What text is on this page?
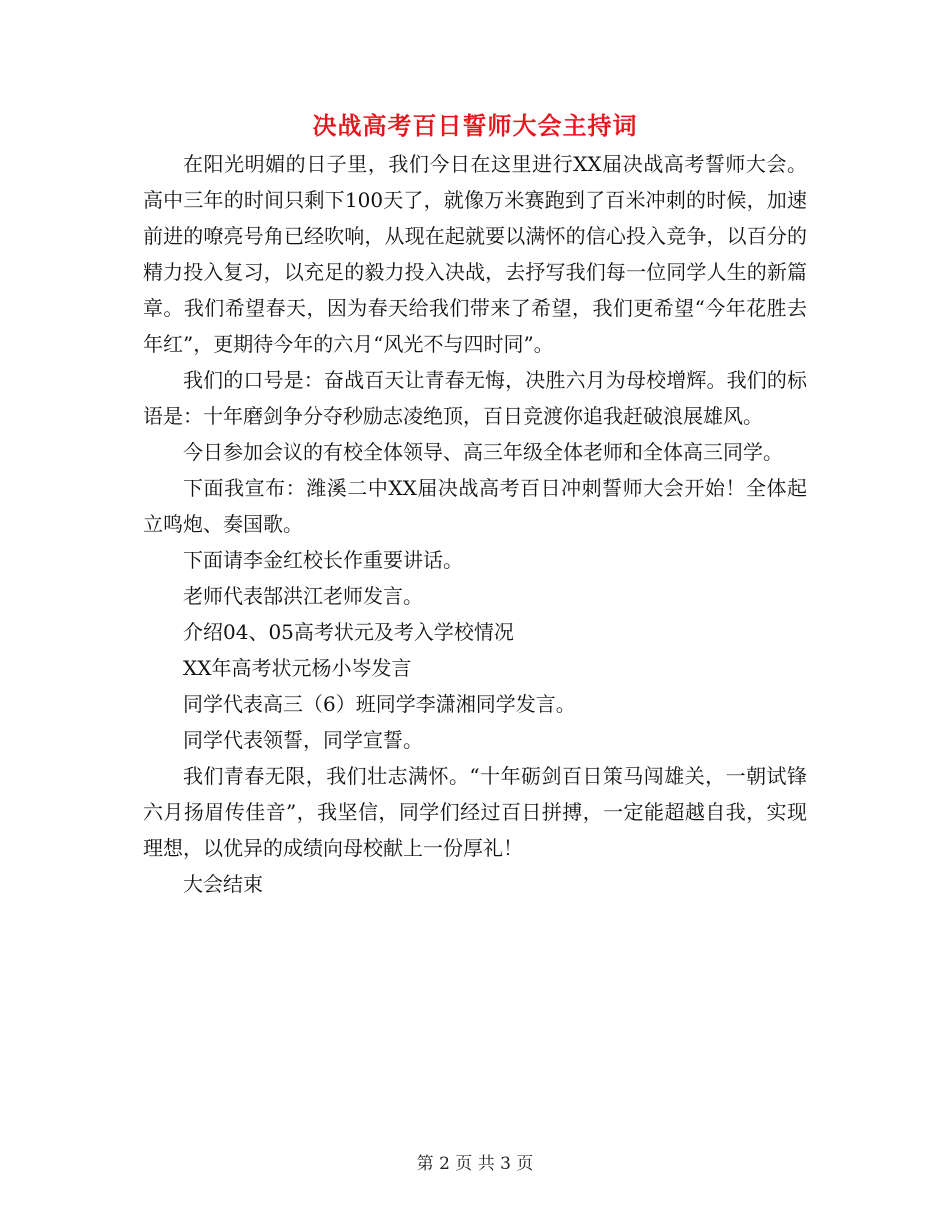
决战高考百日誓师大会主持词

在阳光明媚的日子里，我们今日在这里进行XX届决战高考誓师大会。高中三年的时间只剩下100天了，就像万米赛跑到了百米冲刺的时候，加速前进的嘹亮号角已经吹响，从现在起就要以满怀的信心投入竞争，以百分的精力投入复习，以充足的毅力投入决战，去抒写我们每一位同学人生的新篇章。我们希望春天，因为春天给我们带来了希望，我们更希望“今年花胜去年红”，更期待今年的六月“风光不与四时同”。

我们的口号是：奋战百天让青春无悔，决胜六月为母校增辉。我们的标语是：十年磨剑争分夺秒励志凌绝顶，百日竞渡你追我赶破浪展雄风。

今日参加会议的有校全体领导、高三年级全体老师和全体高三同学。

下面我宣布：潍溪二中XX届决战高考百日冲刺誓师大会开始！全体起立鸣炮、奏国歌。

下面请李金红校长作重要讲话。

老师代表郜洪江老师发言。

介绍04、05高考状元及考入学校情况

XX年高考状元杨小岑发言

同学代表高三（6）班同学李潇湘同学发言。

同学代表领誓，同学宣誓。

我们青春无限，我们壮志满怀。“十年砺剑百日策马闯雄关，一朝试锋六月扬眉传佳音”，我坚信，同学们经过百日拼搏，一定能超越自我，实现理想，以优异的成绩向母校献上一份厚礼！

大会结束

第 2 页 共 3 页
